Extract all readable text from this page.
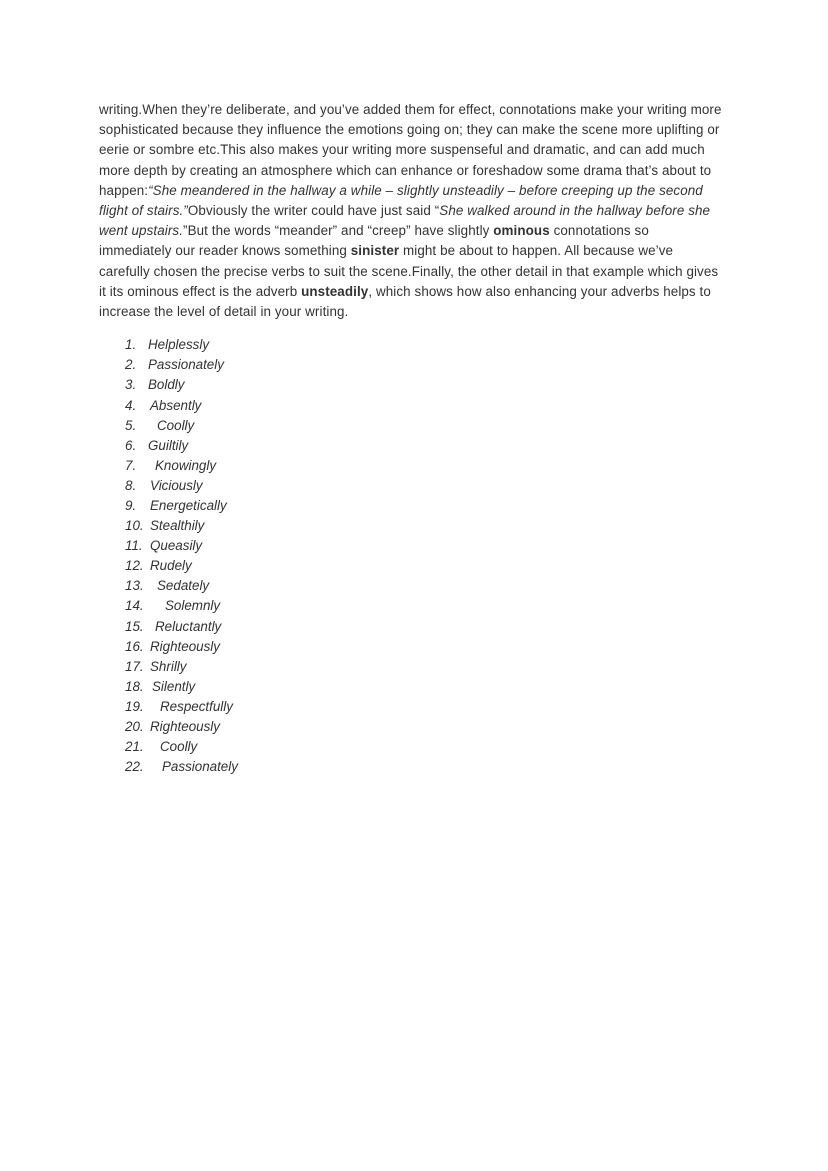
writing.When they’re deliberate, and you’ve added them for effect, connotations make your writing more sophisticated because they influence the emotions going on; they can make the scene more uplifting or eerie or sombre etc.This also makes your writing more suspenseful and dramatic, and can add much more depth by creating an atmosphere which can enhance or foreshadow some drama that’s about to happen:“She meandered in the hallway a while – slightly unsteadily – before creeping up the second flight of stairs.”Obviously the writer could have just said “She walked around in the hallway before she went upstairs.”But the words “meander” and “creep” have slightly ominous connotations so immediately our reader knows something sinister might be about to happen. All because we’ve carefully chosen the precise verbs to suit the scene.Finally, the other detail in that example which gives it its ominous effect is the adverb unsteadily, which shows how also enhancing your adverbs helps to increase the level of detail in your writing.
1. Helplessly
2. Passionately
3. Boldly
4.	Absently
5.	Coolly
6. Guiltily
7.	Knowingly
8.	Viciously
9.	Energetically
10. Stealthily
11. Queasily
12. Rudely
13. Sedately
14.	Solemnly
15. Reluctantly
16. Righteously
17. Shrilly
18. Silently
19.	Respectfully
20. Righteously
21.	Coolly
22.	Passionately
